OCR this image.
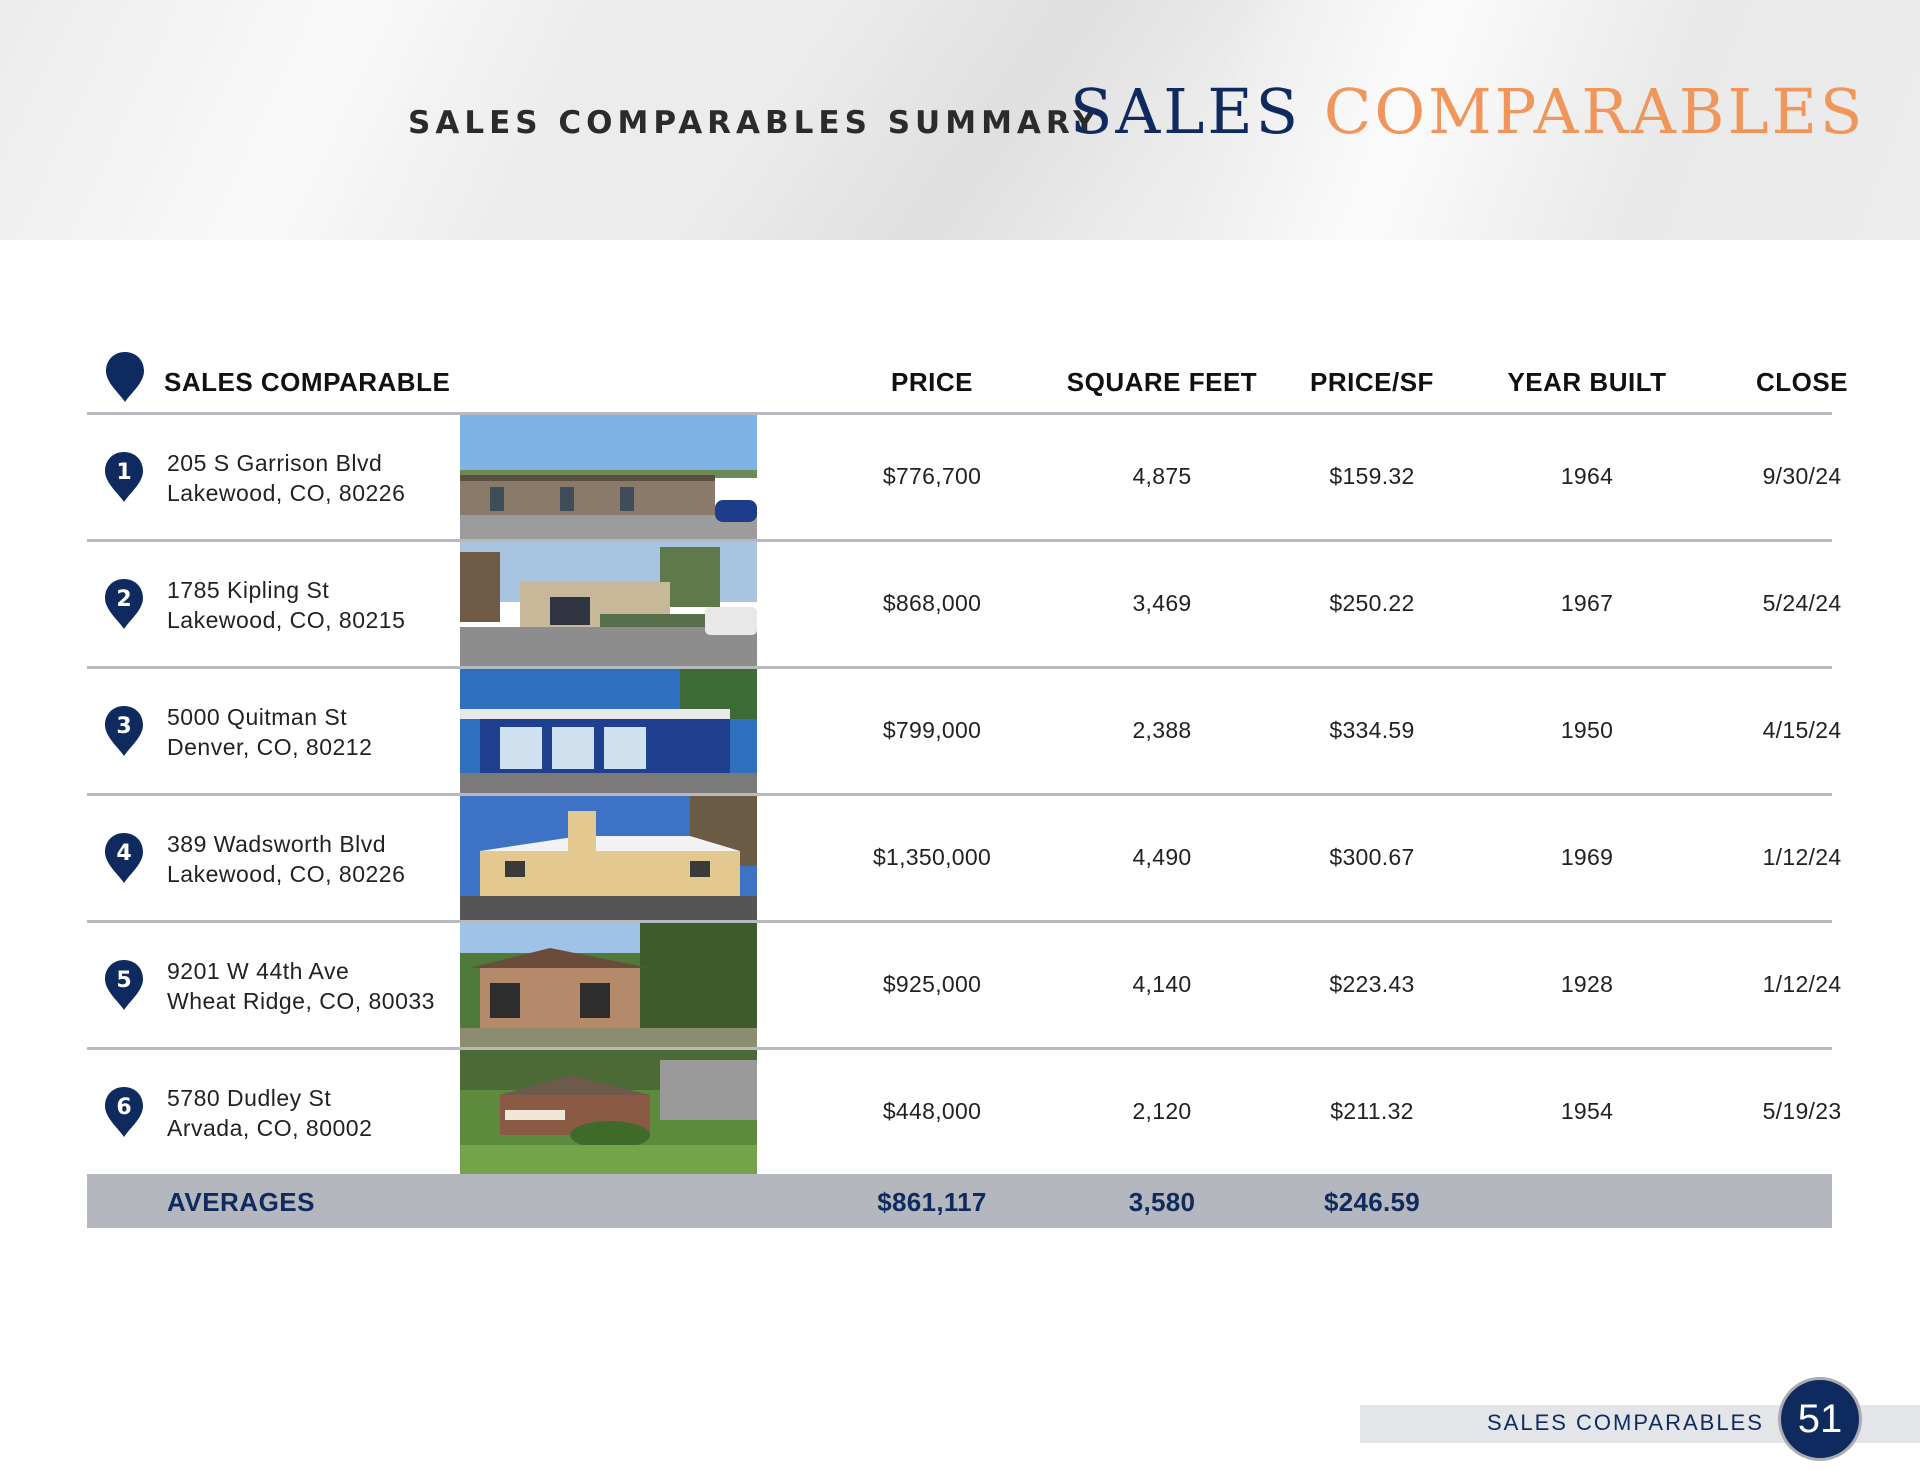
SALES COMPARABLES SUMMARY
SALES COMPARABLES
SALES COMPARABLE	PRICE	SQUARE FEET	PRICE/SF	YEAR BUILT	CLOSE
1 205 S Garrison Blvd
Lakewood, CO, 80226
$776,700	4,875	$159.32	1964	9/30/24
2 1785 Kipling St
Lakewood, CO, 80215
$868,000	3,469	$250.22	1967	5/24/24
3 5000 Quitman St
Denver, CO, 80212
$799,000	2,388	$334.59	1950	4/15/24
4 389 Wadsworth Blvd
Lakewood, CO, 80226
$1,350,000	4,490	$300.67	1969	1/12/24
5 9201 W 44th Ave
Wheat Ridge, CO, 80033
$925,000	4,140	$223.43	1928	1/12/24
6 5780 Dudley St
Arvada, CO, 80002
$448,000	2,120	$211.32	1954	5/19/23
AVERAGES	$861,117	3,580	$246.59
SALES COMPARABLES 51
